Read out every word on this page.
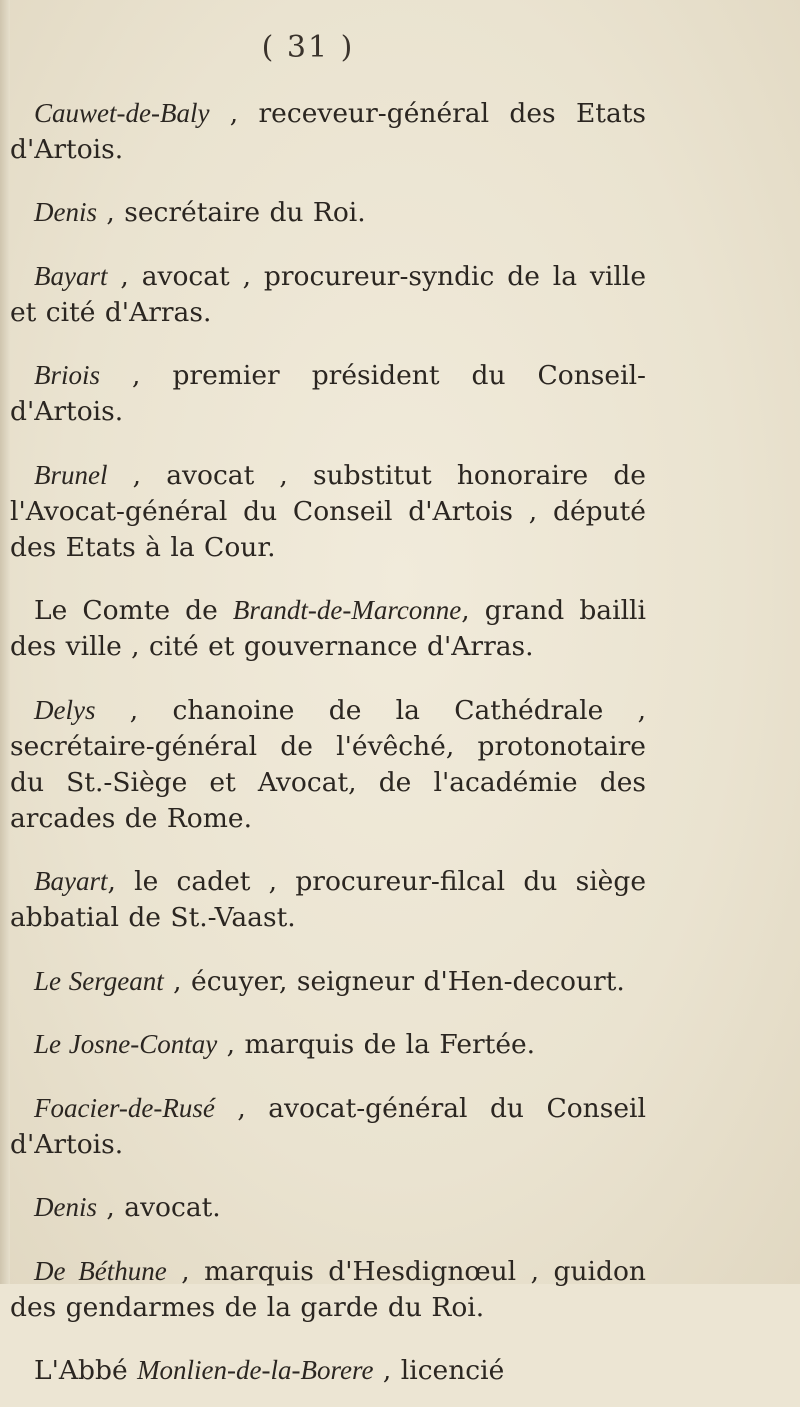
( 31 )

Cauwet-de-Baly , receveur-général des Etats d'Artois.

Denis , secrétaire du Roi.

Bayart , avocat , procureur-syndic de la ville et cité d'Arras.

Briois , premier président du Conseil-d'Artois.

Brunel , avocat , substitut honoraire de l'Avocat-général du Conseil d'Artois , député des Etats à la Cour.

Le Comte de Brandt-de-Marconne, grand bailli des ville , cité et gouvernance d'Arras.

Delys , chanoine de la Cathédrale , secrétaire-général de l'évêché, protonotaire du St.-Siège et Avocat, de l'académie des arcades de Rome.

Bayart, le cadet , procureur-filcal du siège abbatial de St.-Vaast.

Le Sergeant , écuyer, seigneur d'Hen-decourt.

Le Josne-Contay , marquis de la Fertée.

Foacier-de-Rusé , avocat-général du Conseil d'Artois.

Denis , avocat.

De Béthune , marquis d'Hesdignœul , guidon des gendarmes de la garde du Roi.

L'Abbé Monlien-de-la-Borere , licencié
